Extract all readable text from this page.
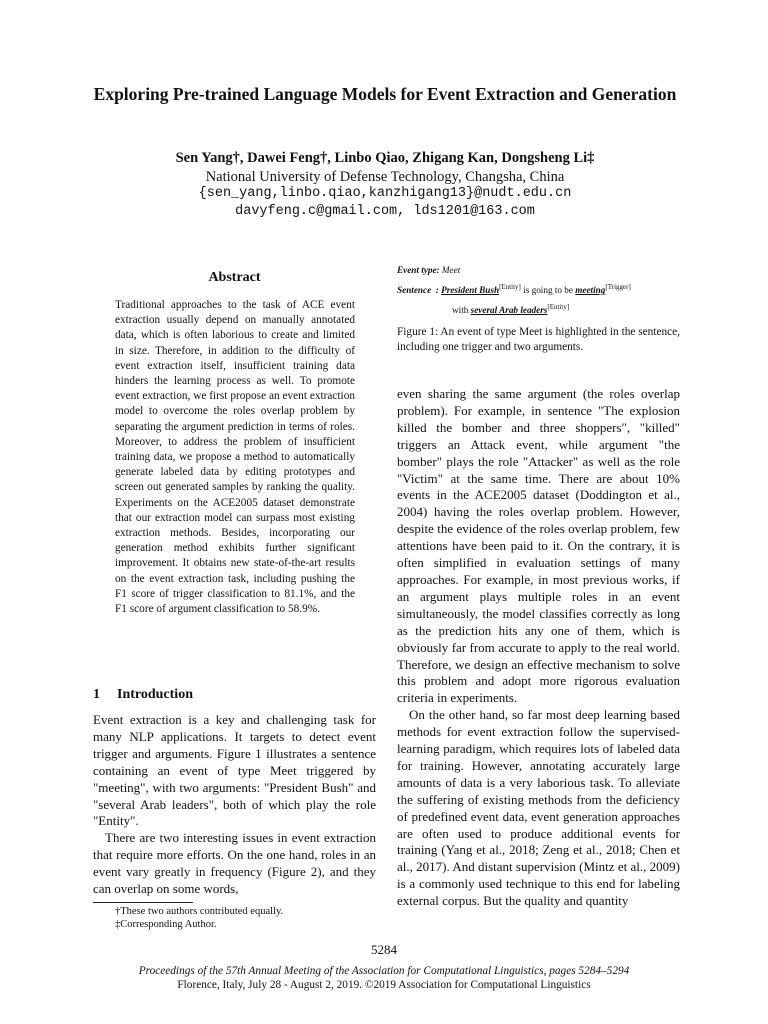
Exploring Pre-trained Language Models for Event Extraction and Generation
Sen Yang†, Dawei Feng†, Linbo Qiao, Zhigang Kan, Dongsheng Li‡
National University of Defense Technology, Changsha, China
{sen_yang,linbo.qiao,kanzhigang13}@nudt.edu.cn
davyfeng.c@gmail.com, lds1201@163.com
Abstract
Traditional approaches to the task of ACE event extraction usually depend on manually annotated data, which is often laborious to create and limited in size. Therefore, in addition to the difficulty of event extraction itself, insufficient training data hinders the learning process as well. To promote event extraction, we first propose an event extraction model to overcome the roles overlap problem by separating the argument prediction in terms of roles. Moreover, to address the problem of insufficient training data, we propose a method to automatically generate labeled data by editing prototypes and screen out generated samples by ranking the quality. Experiments on the ACE2005 dataset demonstrate that our extraction model can surpass most existing extraction methods. Besides, incorporating our generation method exhibits further significant improvement. It obtains new state-of-the-art results on the event extraction task, including pushing the F1 score of trigger classification to 81.1%, and the F1 score of argument classification to 58.9%.
1 Introduction

Event extraction is a key and challenging task for many NLP applications. It targets to detect event trigger and arguments. Figure 1 illustrates a sentence containing an event of type Meet triggered by "meeting", with two arguments: "President Bush" and "several Arab leaders", both of which play the role "Entity".

There are two interesting issues in event extraction that require more efforts. On the one hand, roles in an event vary greatly in frequency (Figure 2), and they can overlap on some words,

†These two authors contributed equally.
‡Corresponding Author.
Event type: Meet
Sentence  : President Bush[Entity] is going to be meeting[Trigger]
with several Arab leaders[Entity]
Figure 1: An event of type Meet is highlighted in the sentence, including one trigger and two arguments.

even sharing the same argument (the roles overlap problem). For example, in sentence "The explosion killed the bomber and three shoppers", "killed" triggers an Attack event, while argument "the bomber" plays the role "Attacker" as well as the role "Victim" at the same time. There are about 10% events in the ACE2005 dataset (Doddington et al., 2004) having the roles overlap problem. However, despite the evidence of the roles overlap problem, few attentions have been paid to it. On the contrary, it is often simplified in evaluation settings of many approaches. For example, in most previous works, if an argument plays multiple roles in an event simultaneously, the model classifies correctly as long as the prediction hits any one of them, which is obviously far from accurate to apply to the real world. Therefore, we design an effective mechanism to solve this problem and adopt more rigorous evaluation criteria in experiments.

On the other hand, so far most deep learning based methods for event extraction follow the supervised-learning paradigm, which requires lots of labeled data for training. However, annotating accurately large amounts of data is a very laborious task. To alleviate the suffering of existing methods from the deficiency of predefined event data, event generation approaches are often used to produce additional events for training (Yang et al., 2018; Zeng et al., 2018; Chen et al., 2017). And distant supervision (Mintz et al., 2009) is a commonly used technique to this end for labeling external corpus. But the quality and quantity

5284
Proceedings of the 57th Annual Meeting of the Association for Computational Linguistics, pages 5284–5294
Florence, Italy, July 28 - August 2, 2019. ©2019 Association for Computational Linguistics
